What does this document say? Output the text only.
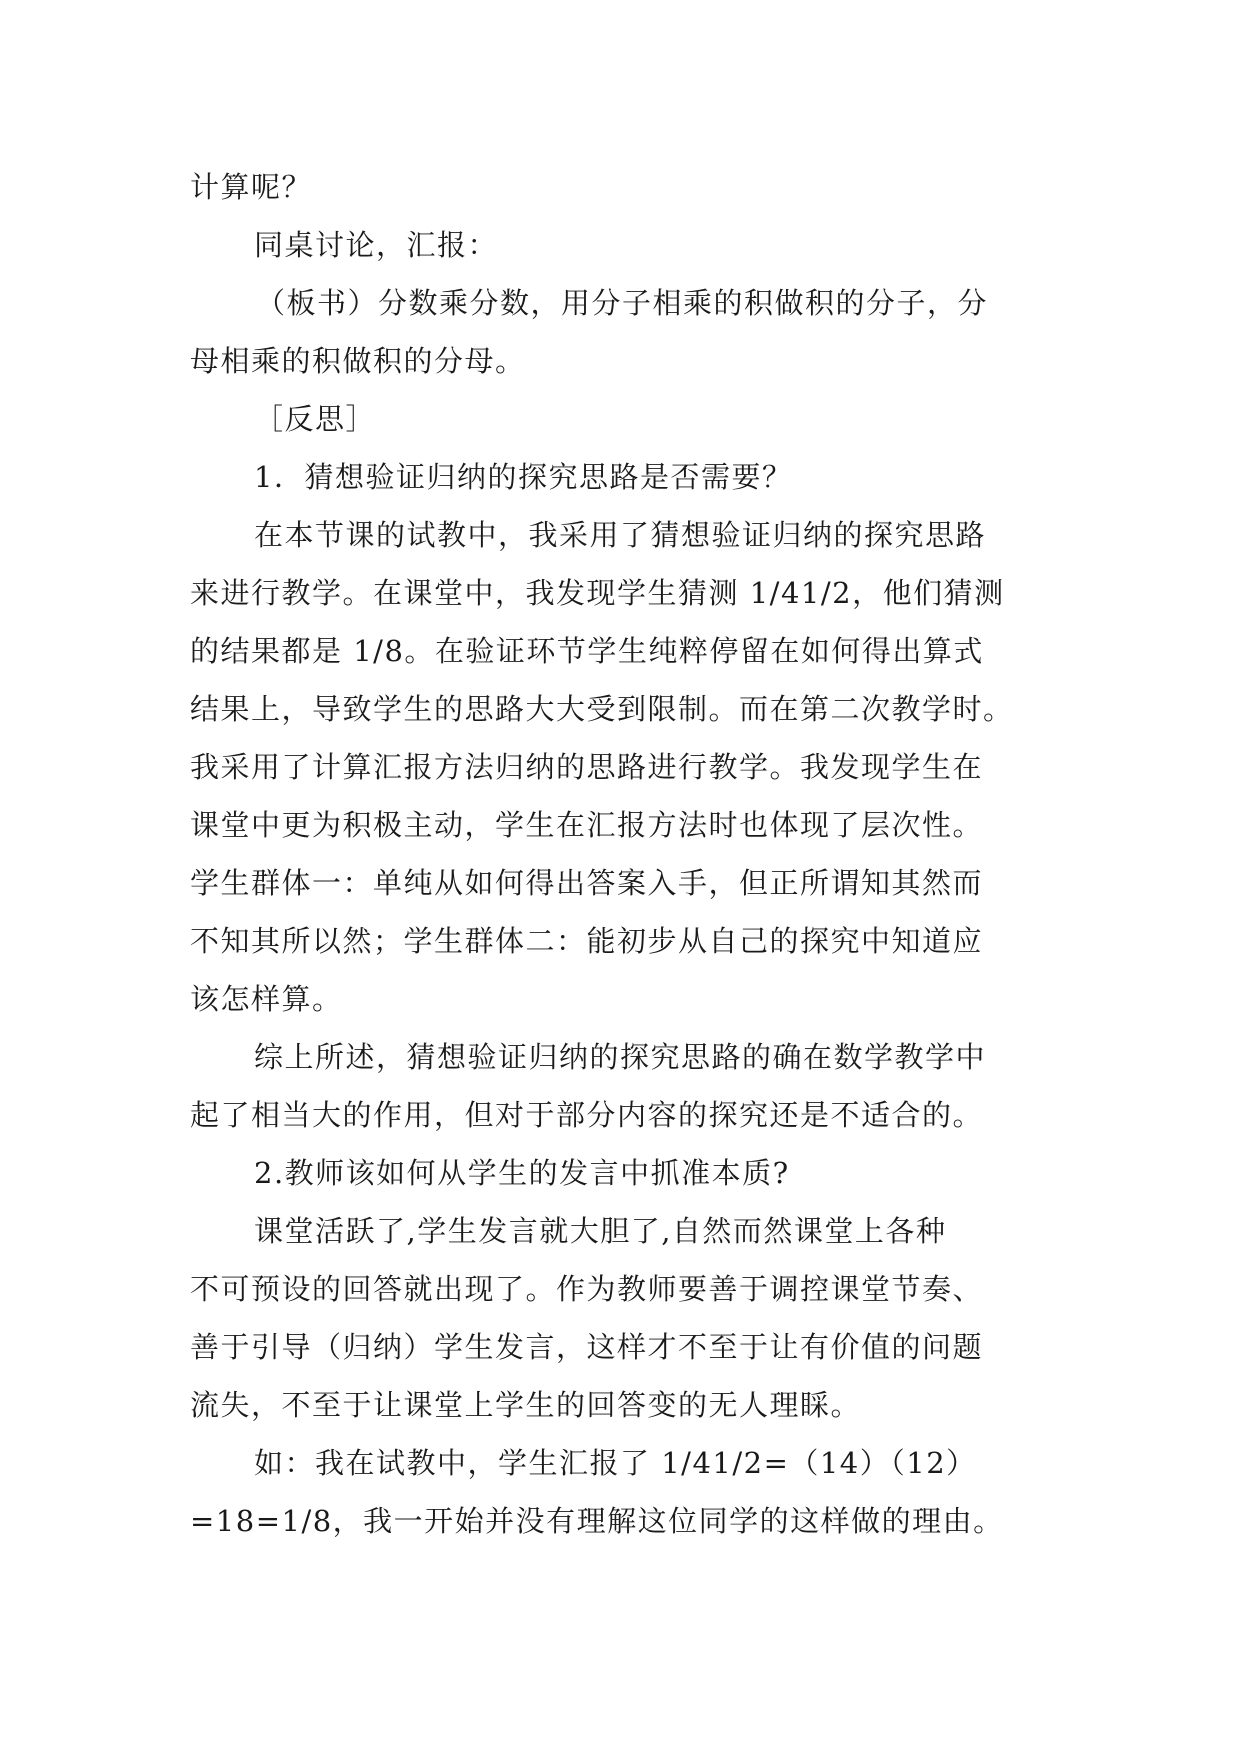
计算呢？
同桌讨论，汇报：
（板书）分数乘分数，用分子相乘的积做积的分子，分
母相乘的积做积的分母。
［反思］
1．猜想验证归纳的探究思路是否需要？
在本节课的试教中，我采用了猜想验证归纳的探究思路
来进行教学。在课堂中，我发现学生猜测 1/41/2，他们猜测
的结果都是 1/8。在验证环节学生纯粹停留在如何得出算式
结果上，导致学生的思路大大受到限制。而在第二次教学时。
我采用了计算汇报方法归纳的思路进行教学。我发现学生在
课堂中更为积极主动，学生在汇报方法时也体现了层次性。
学生群体一：单纯从如何得出答案入手，但正所谓知其然而
不知其所以然；学生群体二：能初步从自己的探究中知道应
该怎样算。
综上所述，猜想验证归纳的探究思路的确在数学教学中
起了相当大的作用，但对于部分内容的探究还是不适合的。
2.教师该如何从学生的发言中抓准本质?
课堂活跃了,学生发言就大胆了,自然而然课堂上各种
不可预设的回答就出现了。作为教师要善于调控课堂节奏、
善于引导（归纳）学生发言，这样才不至于让有价值的问题
流失，不至于让课堂上学生的回答变的无人理睬。
如：我在试教中，学生汇报了 1/41/2=（14）（12）
=18=1/8，我一开始并没有理解这位同学的这样做的理由。
